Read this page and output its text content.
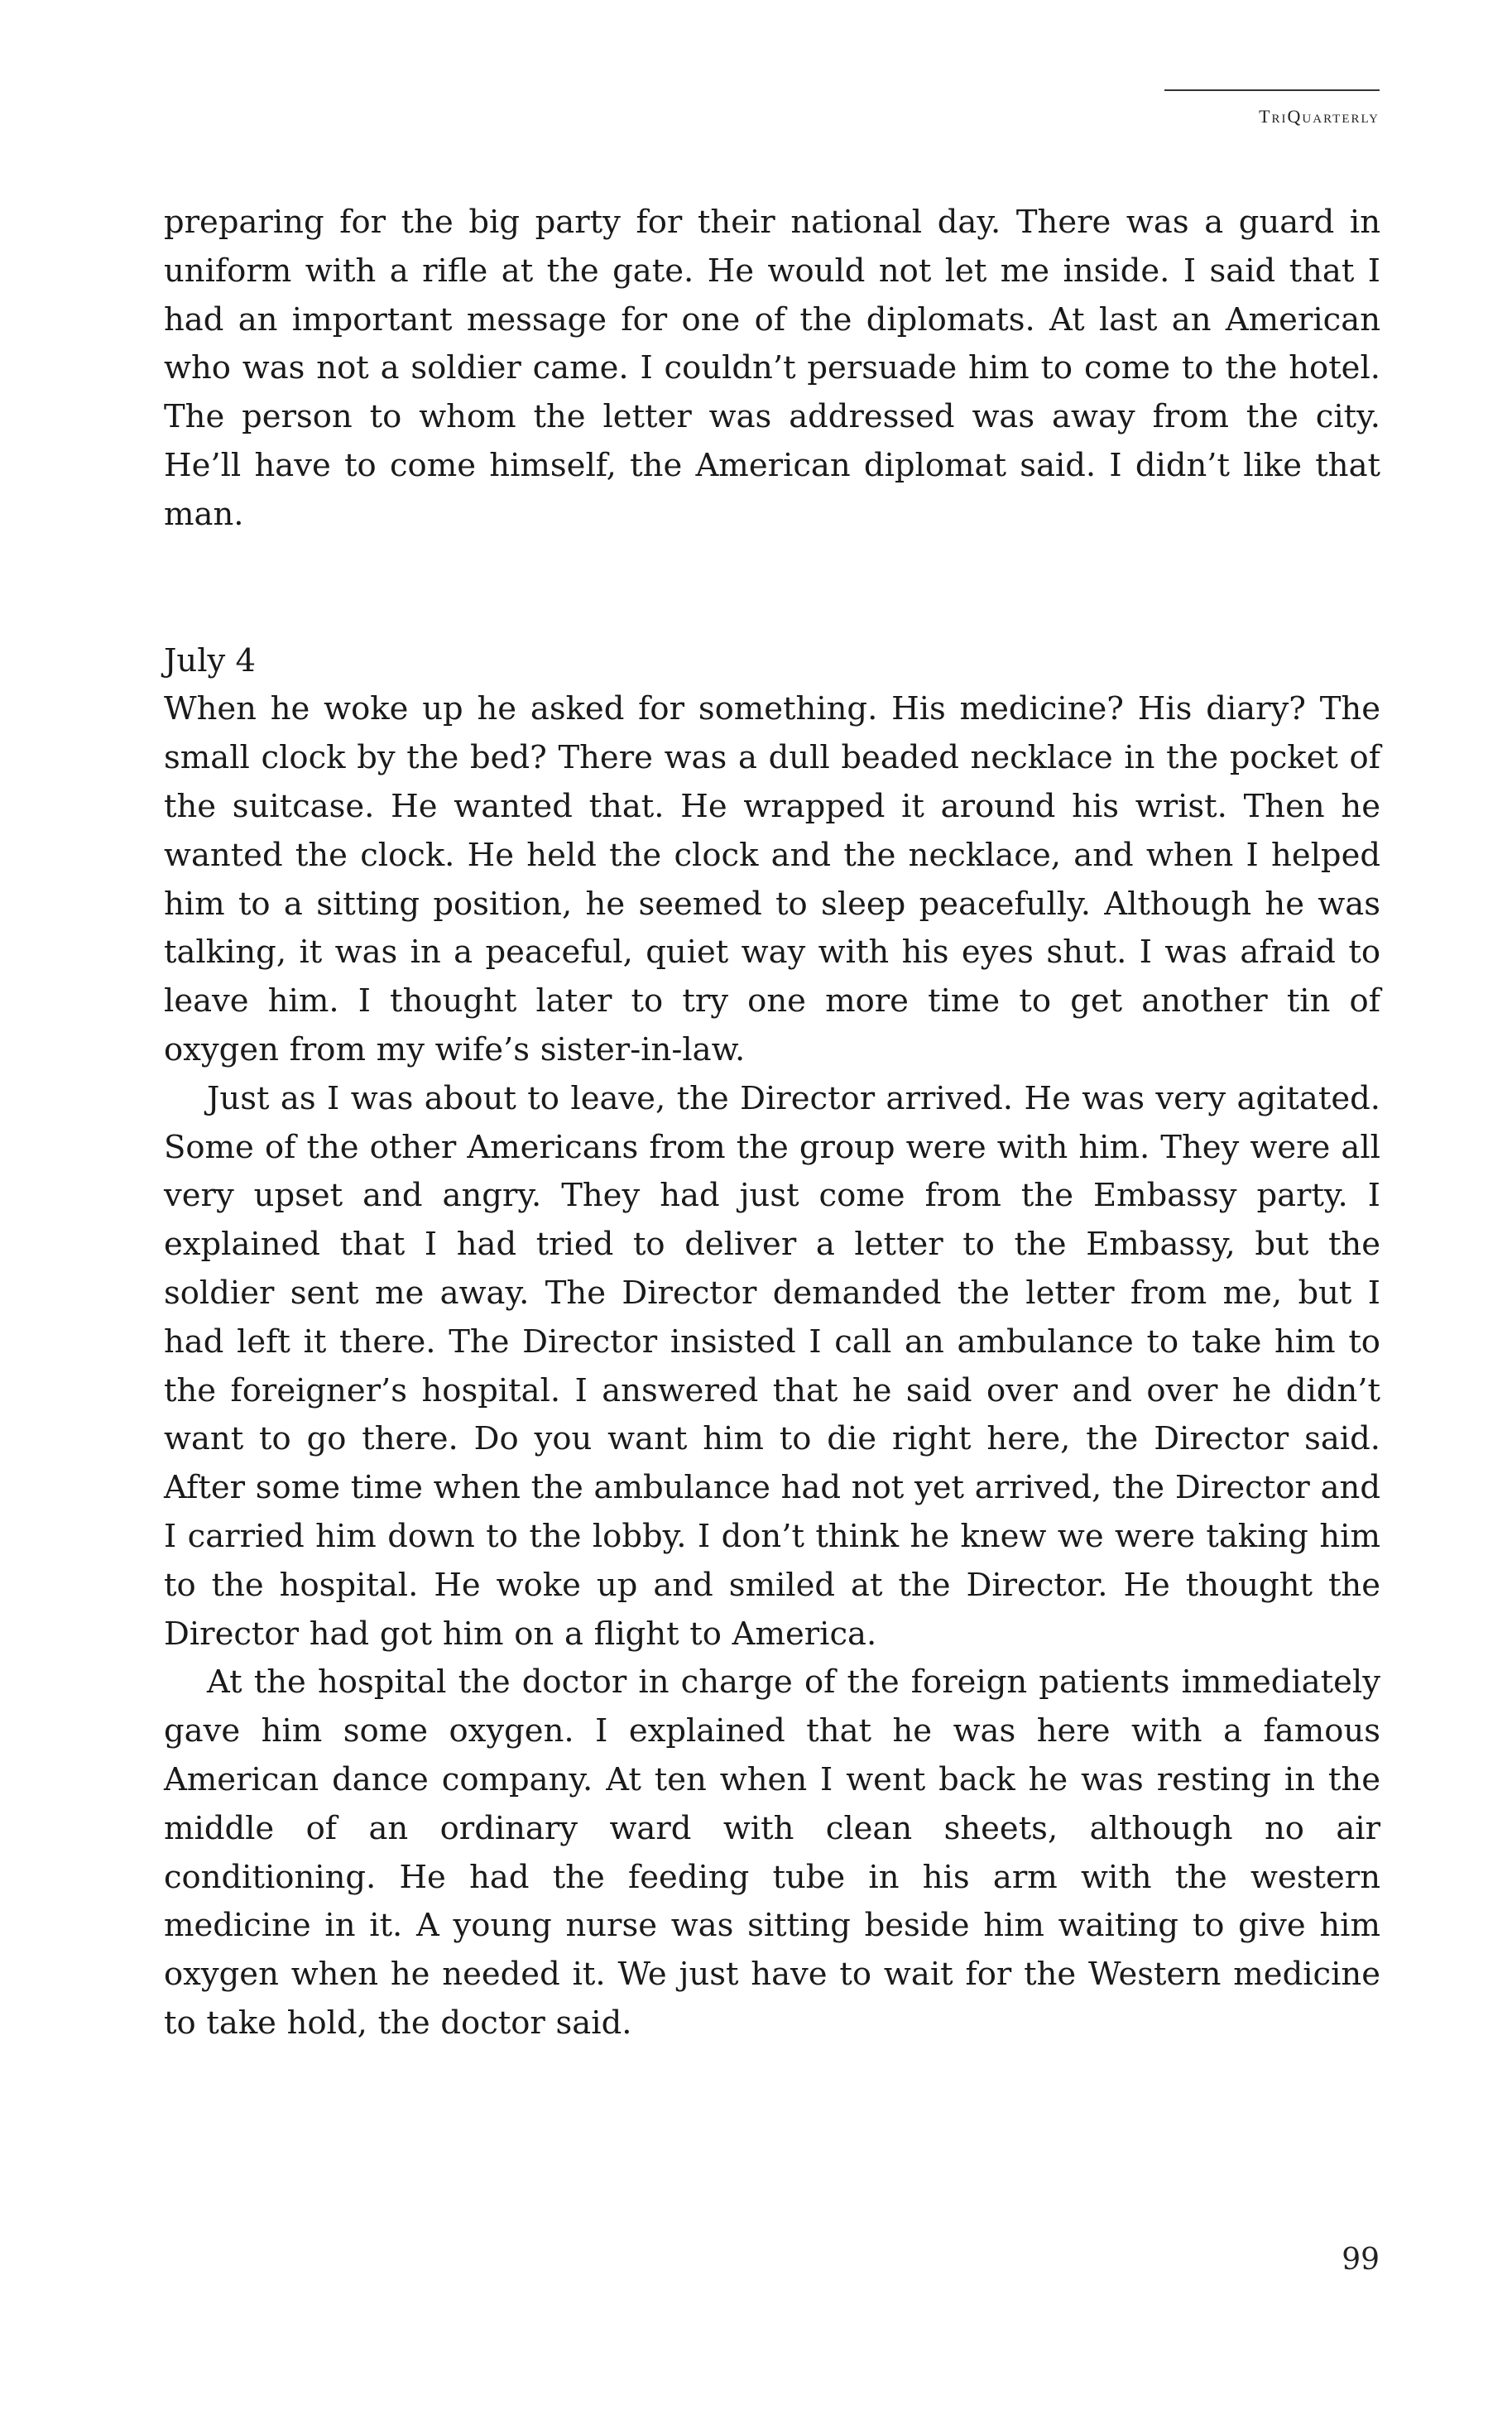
TriQuarterly

preparing for the big party for their national day. There was a guard in uniform with a rifle at the gate. He would not let me inside. I said that I had an important message for one of the diplomats. At last an American who was not a soldier came. I couldn’t persuade him to come to the hotel. The person to whom the letter was addressed was away from the city. He’ll have to come himself, the American diplomat said. I didn’t like that man.

July 4

When he woke up he asked for something. His medicine? His diary? The small clock by the bed? There was a dull beaded necklace in the pocket of the suitcase. He wanted that. He wrapped it around his wrist. Then he wanted the clock. He held the clock and the necklace, and when I helped him to a sitting position, he seemed to sleep peacefully. Although he was talking, it was in a peaceful, quiet way with his eyes shut. I was afraid to leave him. I thought later to try one more time to get another tin of oxygen from my wife’s sister-in-law.

Just as I was about to leave, the Director arrived. He was very agitated. Some of the other Americans from the group were with him. They were all very upset and angry. They had just come from the Embassy party. I explained that I had tried to deliver a letter to the Embassy, but the soldier sent me away. The Director demanded the letter from me, but I had left it there. The Director insisted I call an ambulance to take him to the foreigner’s hospital. I answered that he said over and over he didn’t want to go there. Do you want him to die right here, the Director said. After some time when the ambulance had not yet arrived, the Director and I carried him down to the lobby. I don’t think he knew we were taking him to the hospital. He woke up and smiled at the Director. He thought the Director had got him on a flight to America.

At the hospital the doctor in charge of the foreign patients immediately gave him some oxygen. I explained that he was here with a famous American dance company. At ten when I went back he was resting in the middle of an ordinary ward with clean sheets, although no air conditioning. He had the feeding tube in his arm with the western medicine in it. A young nurse was sitting beside him waiting to give him oxygen when he needed it. We just have to wait for the Western medicine to take hold, the doctor said.

99
